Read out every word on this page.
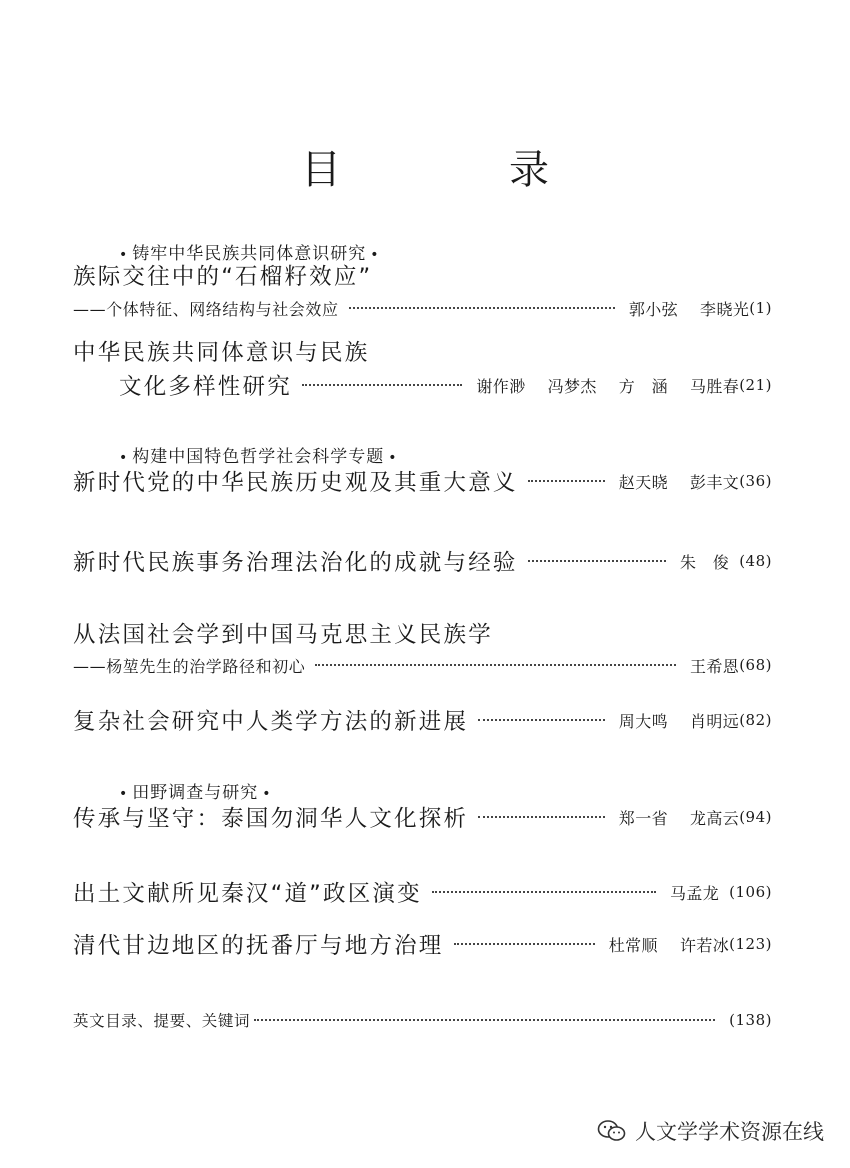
目　录
• 铸牢中华民族共同体意识研究 •
族际交往中的“石榴籽效应”
——个体特征、网络结构与社会效应	郭小弦 李晓光 (1)
中华民族共同体意识与民族
文化多样性研究	谢作渺 冯梦杰 方　涵 马胜春 (21)
• 构建中国特色哲学社会科学专题 •
新时代党的中华民族历史观及其重大意义	赵天晓 彭丰文 (36)
新时代民族事务治理法治化的成就与经验	朱　俊 (48)
从法国社会学到中国马克思主义民族学
——杨堃先生的治学路径和初心	王希恩 (68)
复杂社会研究中人类学方法的新进展	周大鸣 肖明远 (82)
• 田野调查与研究 •
传承与坚守：泰国勿洞华人文化探析	郑一省 龙高云 (94)
出土文献所见秦汉“道”政区演变	马孟龙 (106)
清代甘边地区的抚番厅与地方治理	杜常顺 许若冰 (123)
英文目录、提要、关键词	(138)
人文学学术资源在线
